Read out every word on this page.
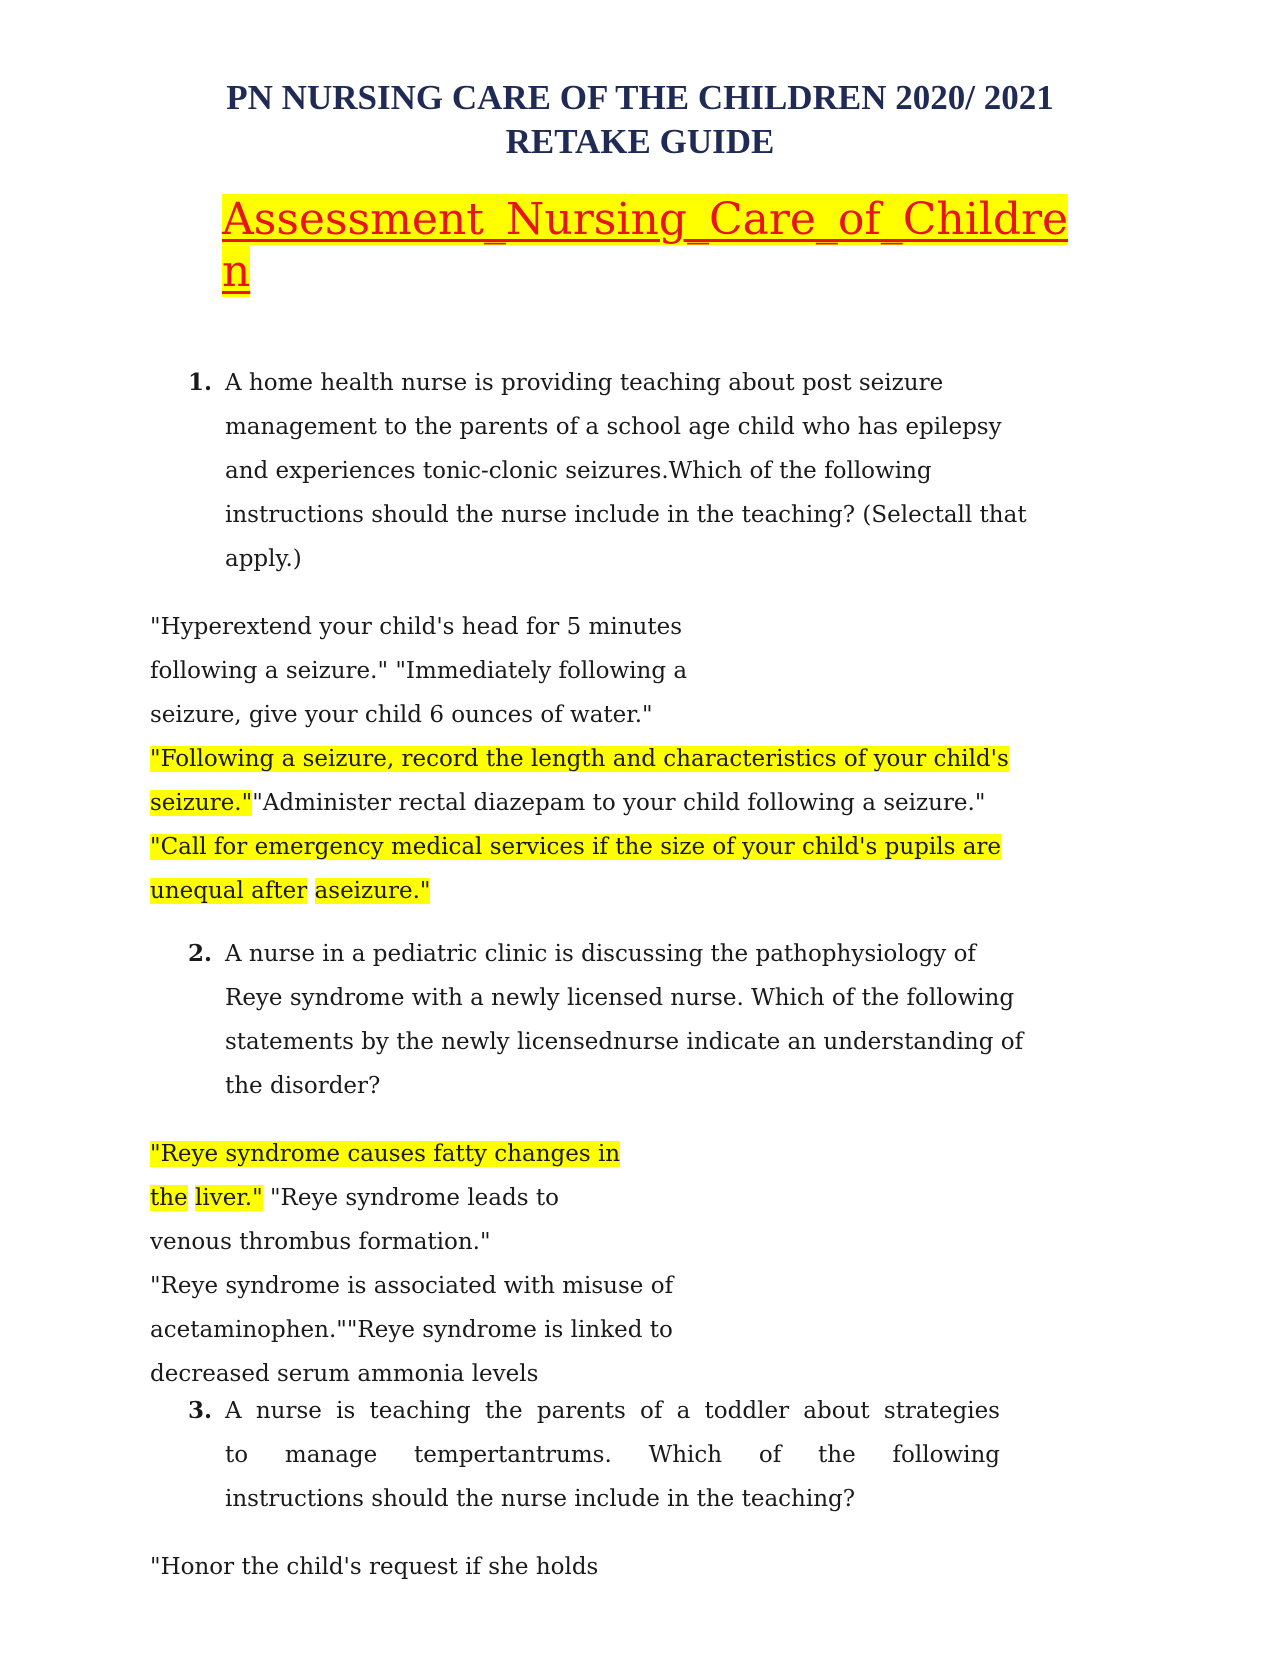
PN NURSING CARE OF THE CHILDREN 2020/ 2021
RETAKE GUIDE
Assessment_Nursing_Care_of_Childre
n
1. A home health nurse is providing teaching about post seizure
management to the parents of a school age child who has epilepsy
and experiences tonic-clonic seizures.Which of the following
instructions should the nurse include in the teaching? (Selectall that
apply.)
"Hyperextend your child's head for 5 minutes
following a seizure." "Immediately following a
seizure, give your child 6 ounces of water."
"Following a seizure, record the length and characteristics of your child's
seizure.""Administer rectal diazepam to your child following a seizure."
"Call for emergency medical services if the size of your child's pupils are
unequal after aseizure."
2. A nurse in a pediatric clinic is discussing the pathophysiology of
Reye syndrome with a newly licensed nurse. Which of the following
statements by the newly licensednurse indicate an understanding of
the disorder?
"Reye syndrome causes fatty changes in
the liver." "Reye syndrome leads to
venous thrombus formation."
"Reye syndrome is associated with misuse of
acetaminophen.""Reye syndrome is linked to
decreased serum ammonia levels
3. A nurse is teaching the parents of a toddler about strategies
to manage tempertantrums. Which of the following
instructions should the nurse include in the teaching?
"Honor the child's request if she holds
